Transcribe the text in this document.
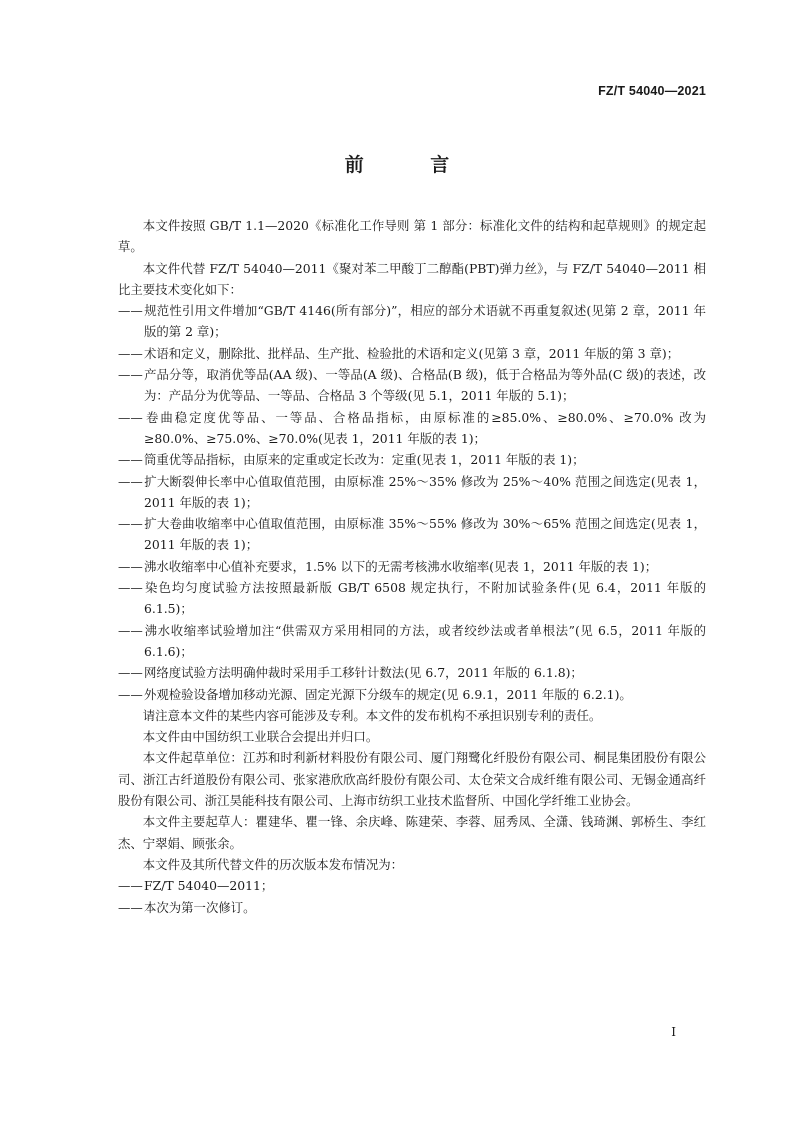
FZ/T 54040—2021
前 言

本文件按照 GB/T 1.1—2020《标准化工作导则 第 1 部分：标准化文件的结构和起草规则》的规定起草。

本文件代替 FZ/T 54040—2011《聚对苯二甲酸丁二醇酯(PBT)弹力丝》，与 FZ/T 54040—2011 相比主要技术变化如下：

——规范性引用文件增加“GB/T 4146(所有部分)”，相应的部分术语就不再重复叙述(见第 2 章，2011 年版的第 2 章)；

——术语和定义，删除批、批样品、生产批、检验批的术语和定义(见第 3 章，2011 年版的第 3 章)；

——产品分等，取消优等品(AA 级)、一等品(A 级)、合格品(B 级)，低于合格品为等外品(C 级)的表述，改为：产品分为优等品、一等品、合格品 3 个等级(见 5.1，2011 年版的 5.1)；

——卷曲稳定度优等品、一等品、合格品指标，由原标准的≥85.0%、≥80.0%、≥70.0% 改为≥80.0%、≥75.0%、≥70.0%(见表 1，2011 年版的表 1)；

——筒重优等品指标，由原来的定重或定长改为：定重(见表 1，2011 年版的表 1)；

——扩大断裂伸长率中心值取值范围，由原标准 25%～35% 修改为 25%～40% 范围之间选定(见表 1，2011 年版的表 1)；

——扩大卷曲收缩率中心值取值范围，由原标准 35%～55% 修改为 30%～65% 范围之间选定(见表 1，2011 年版的表 1)；

——沸水收缩率中心值补充要求，1.5% 以下的无需考核沸水收缩率(见表 1，2011 年版的表 1)；

——染色均匀度试验方法按照最新版 GB/T 6508 规定执行，不附加试验条件(见 6.4，2011 年版的 6.1.5)；

——沸水收缩率试验增加注“供需双方采用相同的方法，或者绞纱法或者单根法”(见 6.5，2011 年版的 6.1.6)；

——网络度试验方法明确仲裁时采用手工移针计数法(见 6.7，2011 年版的 6.1.8)；

——外观检验设备增加移动光源、固定光源下分级车的规定(见 6.9.1，2011 年版的 6.2.1)。

请注意本文件的某些内容可能涉及专利。本文件的发布机构不承担识别专利的责任。

本文件由中国纺织工业联合会提出并归口。

本文件起草单位：江苏和时利新材料股份有限公司、厦门翔鹭化纤股份有限公司、桐昆集团股份有限公司、浙江古纤道股份有限公司、张家港欣欣高纤股份有限公司、太仓荣文合成纤维有限公司、无锡金通高纤股份有限公司、浙江昊能科技有限公司、上海市纺织工业技术监督所、中国化学纤维工业协会。

本文件主要起草人：瞿建华、瞿一锋、余庆峰、陈建荣、李蓉、屈秀凤、全潇、钱琦渊、郭桥生、李红杰、宁翠娟、顾张余。

本文件及其所代替文件的历次版本发布情况为：

——FZ/T 54040—2011；

——本次为第一次修订。

I
